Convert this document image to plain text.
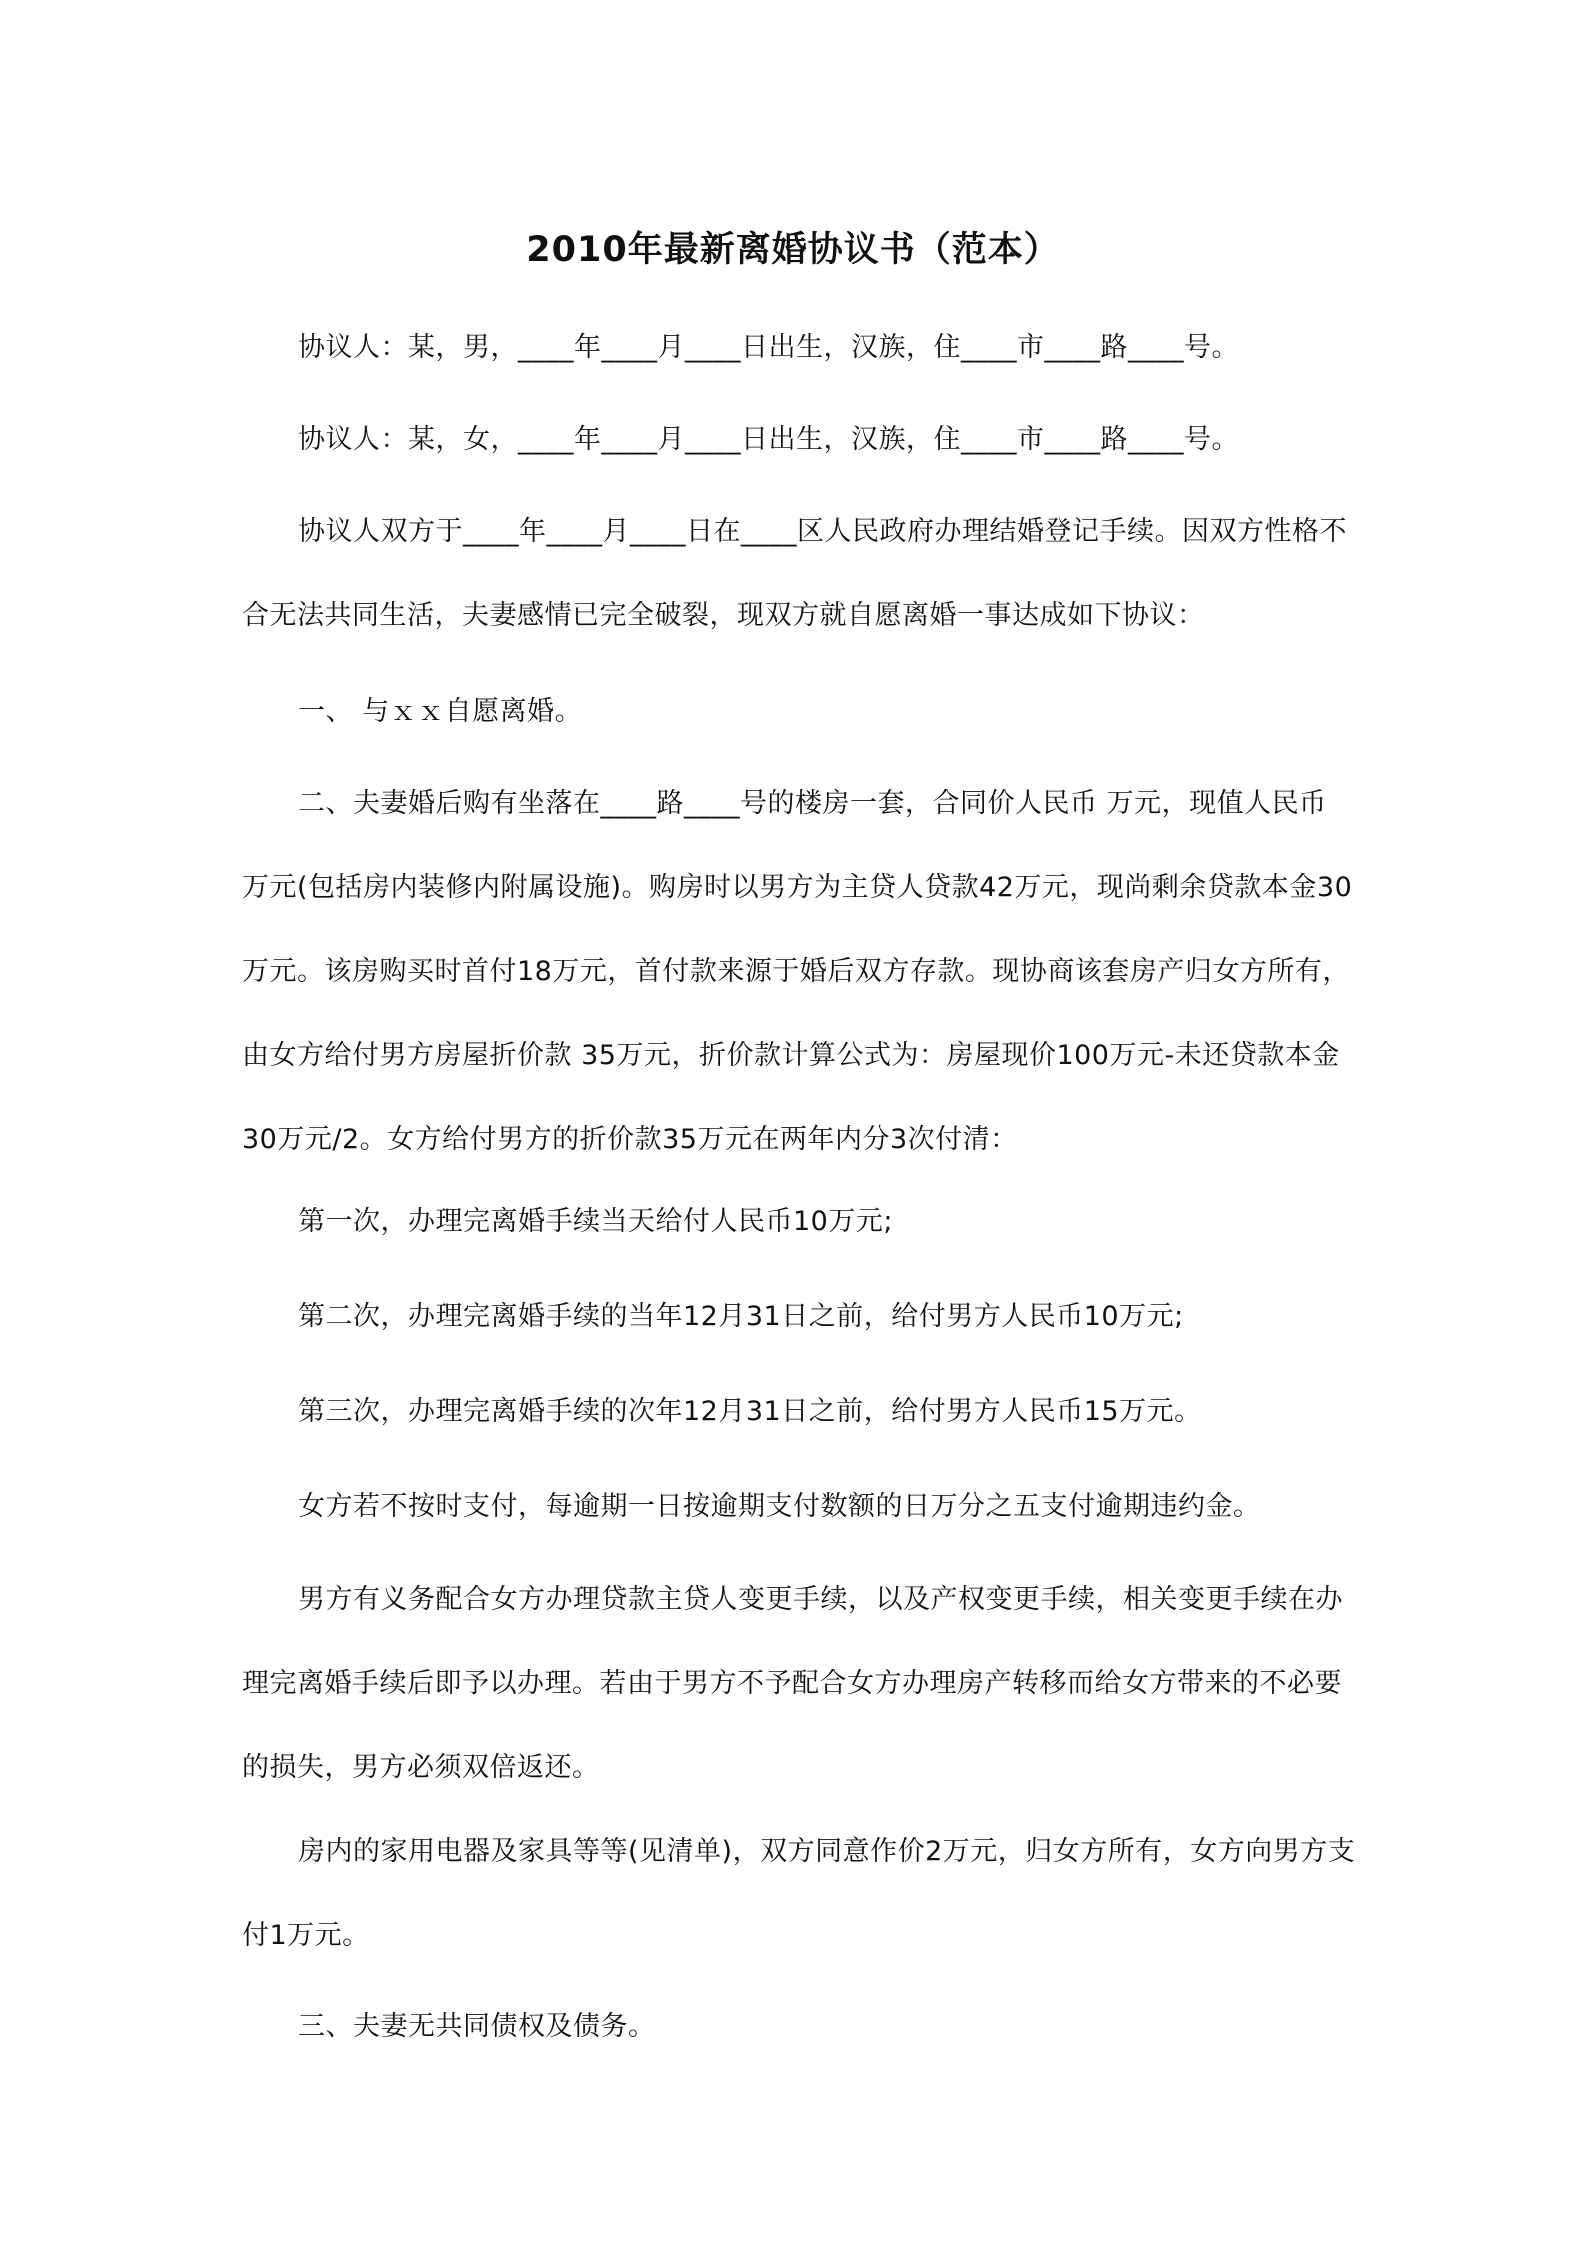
2010年最新离婚协议书（范本）

协议人：某，男，____年____月____日出生，汉族，住____市____路____号。

协议人：某，女，____年____月____日出生，汉族，住____市____路____号。

协议人双方于____年____月____日在____区人民政府办理结婚登记手续。因双方性格不合无法共同生活，夫妻感情已完全破裂，现双方就自愿离婚一事达成如下协议：

一、 与ｘｘ自愿离婚。

二、夫妻婚后购有坐落在____路____号的楼房一套，合同价人民币 万元，现值人民币 万元(包括房内装修内附属设施)。购房时以男方为主贷人贷款42万元，现尚剩余贷款本金30万元。该房购买时首付18万元，首付款来源于婚后双方存款。现协商该套房产归女方所有，由女方给付男方房屋折价款 35万元，折价款计算公式为：房屋现价100万元-未还贷款本金30万元/2。女方给付男方的折价款35万元在两年内分3次付清：

第一次，办理完离婚手续当天给付人民币10万元;

第二次，办理完离婚手续的当年12月31日之前，给付男方人民币10万元;

第三次，办理完离婚手续的次年12月31日之前，给付男方人民币15万元。

女方若不按时支付，每逾期一日按逾期支付数额的日万分之五支付逾期违约金。

男方有义务配合女方办理贷款主贷人变更手续，以及产权变更手续，相关变更手续在办理完离婚手续后即予以办理。若由于男方不予配合女方办理房产转移而给女方带来的不必要的损失，男方必须双倍返还。

房内的家用电器及家具等等(见清单)，双方同意作价2万元，归女方所有，女方向男方支付1万元。

三、夫妻无共同债权及债务。
